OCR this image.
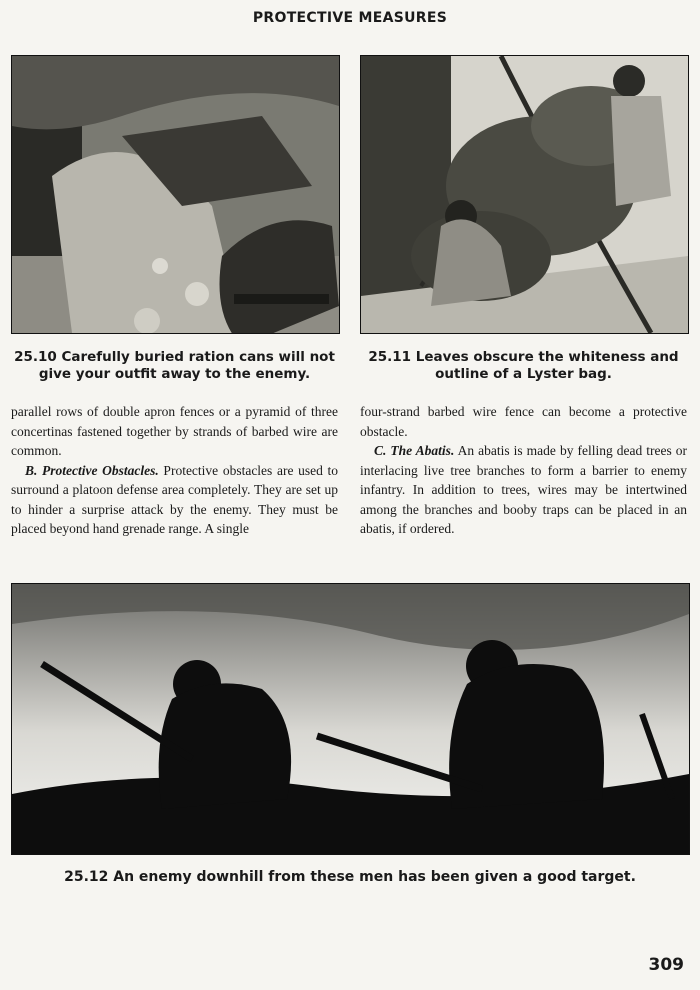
PROTECTIVE MEASURES
25.10 Carefully buried ration cans will not
give your outfit away to the enemy.
25.11 Leaves obscure the whiteness and
outline of a Lyster bag.

parallel rows of double apron fences or a pyramid of three concertinas fastened together by strands of barbed wire are common.

B. Protective Obstacles. Protective obstacles are used to surround a platoon defense area completely. They are set up to hinder a surprise attack by the enemy. They must be placed beyond hand grenade range. A single

four-strand barbed wire fence can become a protective obstacle.

C. The Abatis. An abatis is made by felling dead trees or interlacing live tree branches to form a barrier to enemy infantry. In addition to trees, wires may be intertwined among the branches and booby traps can be placed in an abatis, if ordered.

25.12 An enemy downhill from these men has been given a good target.
309
